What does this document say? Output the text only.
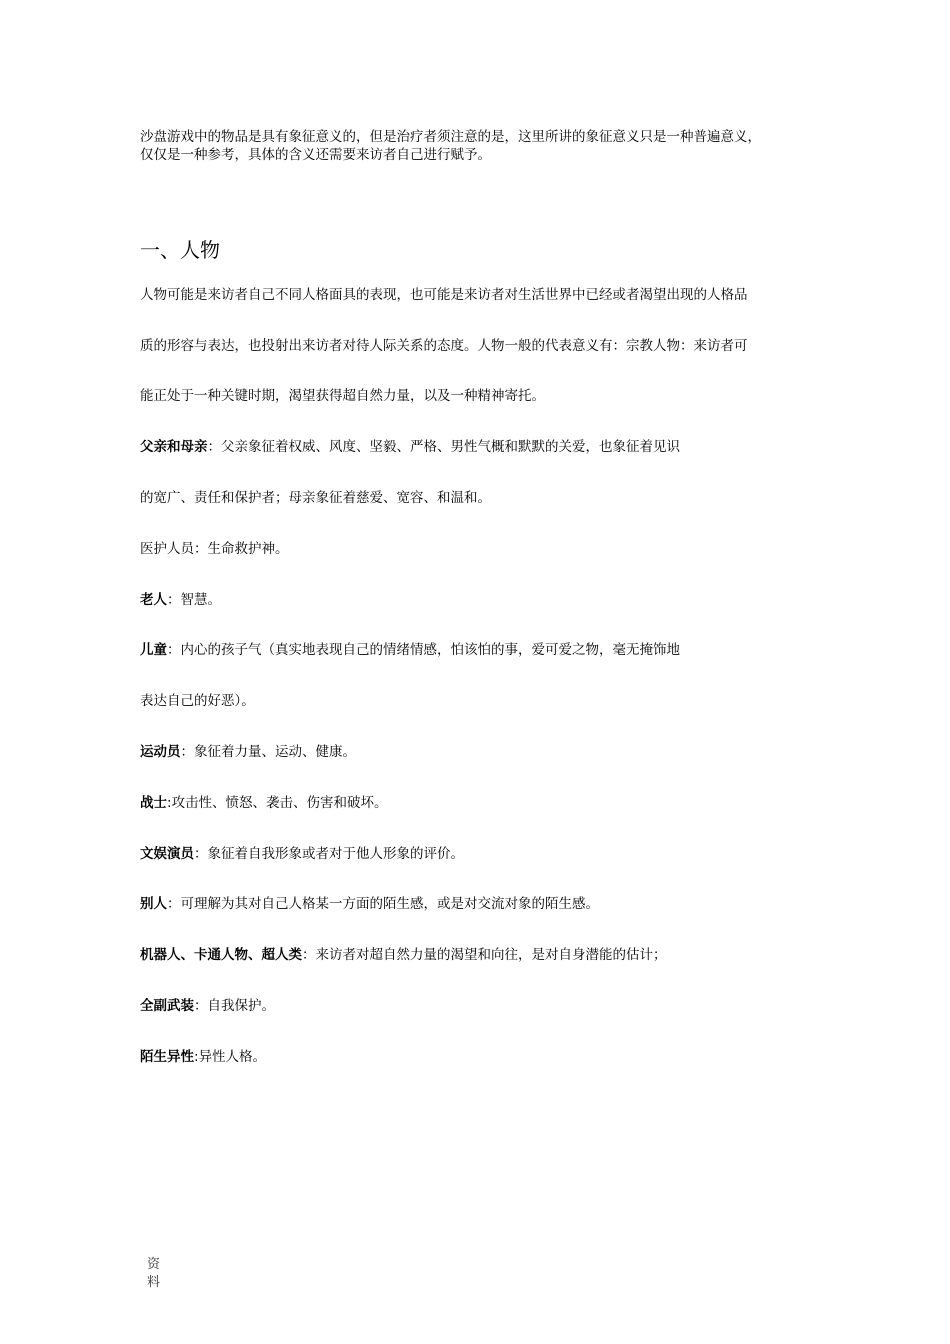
沙盘游戏中的物品是具有象征意义的，但是治疗者须注意的是，这里所讲的象征意义只是一种普遍意义，

仅仅是一种参考，具体的含义还需要来访者自己进行赋予。

一、人物

人物可能是来访者自己不同人格面具的表现，也可能是来访者对生活世界中已经或者渴望出现的人格品

质的形容与表达，也投射出来访者对待人际关系的态度。人物一般的代表意义有：宗教人物：来访者可

能正处于一种关键时期，渴望获得超自然力量，以及一种精神寄托。

父亲和母亲：父亲象征着权威、风度、坚毅、严格、男性气概和默默的关爱，也象征着见识

的宽广、责任和保护者；母亲象征着慈爱、宽容、和温和。

医护人员：生命救护神。

老人：智慧。

儿童：内心的孩子气（真实地表现自己的情绪情感，怕该怕的事，爱可爱之物，毫无掩饰地

表达自己的好恶）。

运动员：象征着力量、运动、健康。

战士:攻击性、愤怒、袭击、伤害和破坏。

文娱演员：象征着自我形象或者对于他人形象的评价。

别人：可理解为其对自己人格某一方面的陌生感，或是对交流对象的陌生感。

机器人、卡通人物、超人类：来访者对超自然力量的渴望和向往，是对自身潜能的估计；

全副武装：自我保护。

陌生异性:异性人格。

资
料
